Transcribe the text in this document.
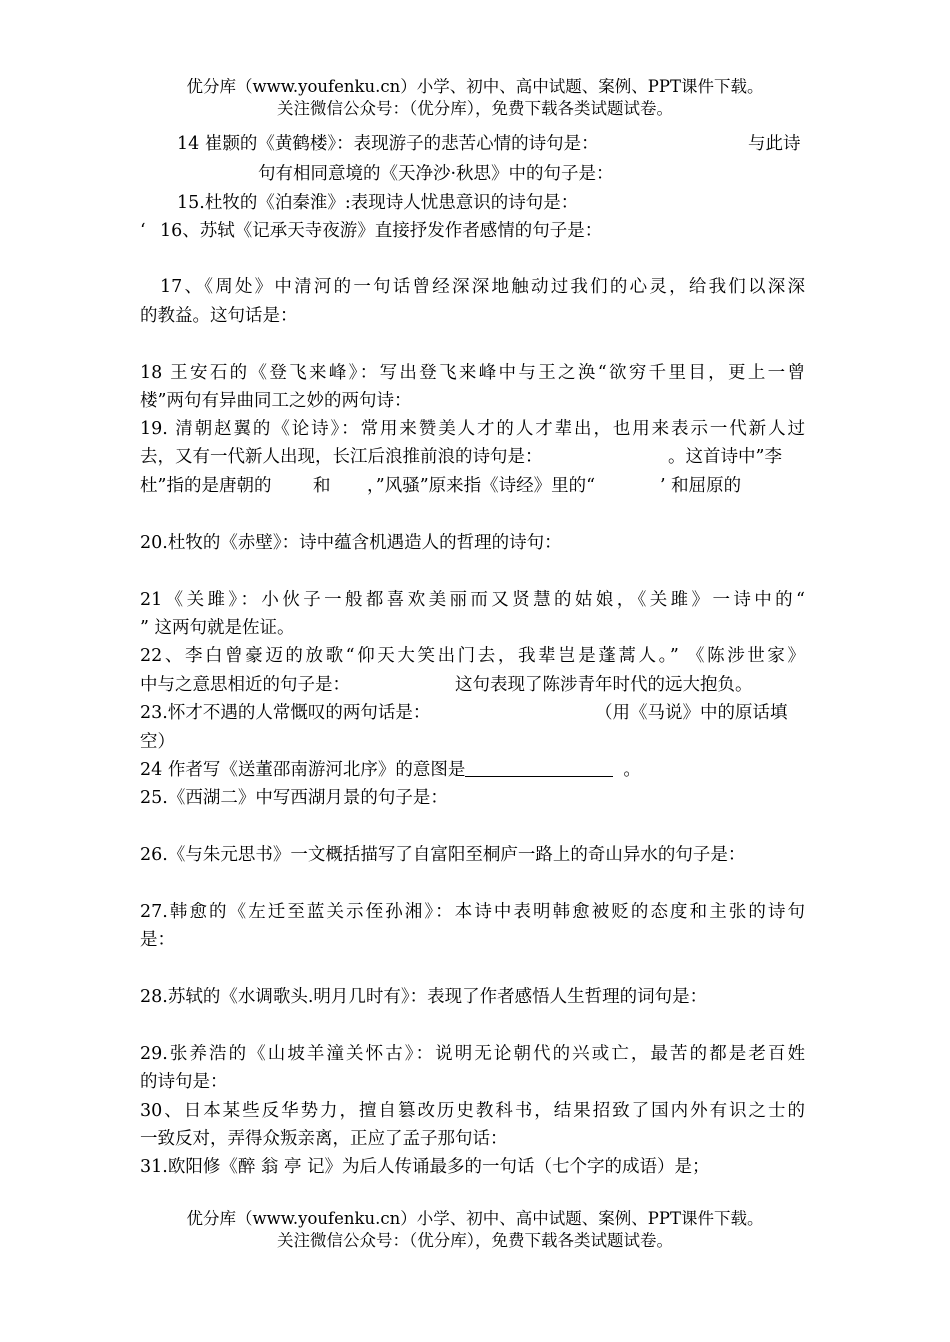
优分库（www.youfenku.cn）小学、初中、高中试题、案例、PPT课件下载。
关注微信公众号：（优分库），免费下载各类试题试卷。
14 崔颢的《黄鹤楼》：表现游子的悲苦心情的诗句是：	与此诗
句有相同意境的《天净沙·秋思》中的句子是：
15.杜牧的《泊秦淮》:表现诗人忧患意识的诗句是：
‘ 16、苏轼《记承天寺夜游》直接抒发作者感情的句子是：
17、《周处》中清河的一句话曾经深深地触动过我们的心灵，给我们以深深
的教益。这句话是：
18 王安石的《登飞来峰》：写出登飞来峰中与王之涣“欲穷千里目，更上一曾
楼”两句有异曲同工之妙的两句诗：
19. 清朝赵翼的《论诗》：常用来赞美人才的人才辈出，也用来表示一代新人过
去，又有一代新人出现，长江后浪推前浪的诗句是：	。这首诗中”李
杜”指的是唐朝的 和 ，”风骚”原来指《诗经》里的“	’ 和屈原的
20.杜牧的《赤壁》：诗中蕴含机遇造人的哲理的诗句：
21《关雎》：小伙子一般都喜欢美丽而又贤慧的姑娘，《关雎》一诗中的“
” 这两句就是佐证。
22、李白曾豪迈的放歌“仰天大笑出门去，我辈岂是蓬蒿人。” 《陈涉世家》
中与之意思相近的句子是：	这句表现了陈涉青年时代的远大抱负。
23.怀才不遇的人常慨叹的两句话是：	（用《马说》中的原话填
空）
24 作者写《送董邵南游河北序》的意图是	。
25.《西湖二》中写西湖月景的句子是：
26.《与朱元思书》一文概括描写了自富阳至桐庐一路上的奇山异水的句子是：
27.韩愈的《左迁至蓝关示侄孙湘》：本诗中表明韩愈被贬的态度和主张的诗句
是：
28.苏轼的《水调歌头.明月几时有》：表现了作者感悟人生哲理的词句是：
29.张养浩的《山坡羊潼关怀古》：说明无论朝代的兴或亡，最苦的都是老百姓
的诗句是：
30、日本某些反华势力，擅自篡改历史教科书，结果招致了国内外有识之士的
一致反对，弄得众叛亲离，正应了孟子那句话：
31.欧阳修《醉 翁 亭 记》为后人传诵最多的一句话（七个字的成语）是；
优分库（www.youfenku.cn）小学、初中、高中试题、案例、PPT课件下载。
关注微信公众号：（优分库），免费下载各类试题试卷。
